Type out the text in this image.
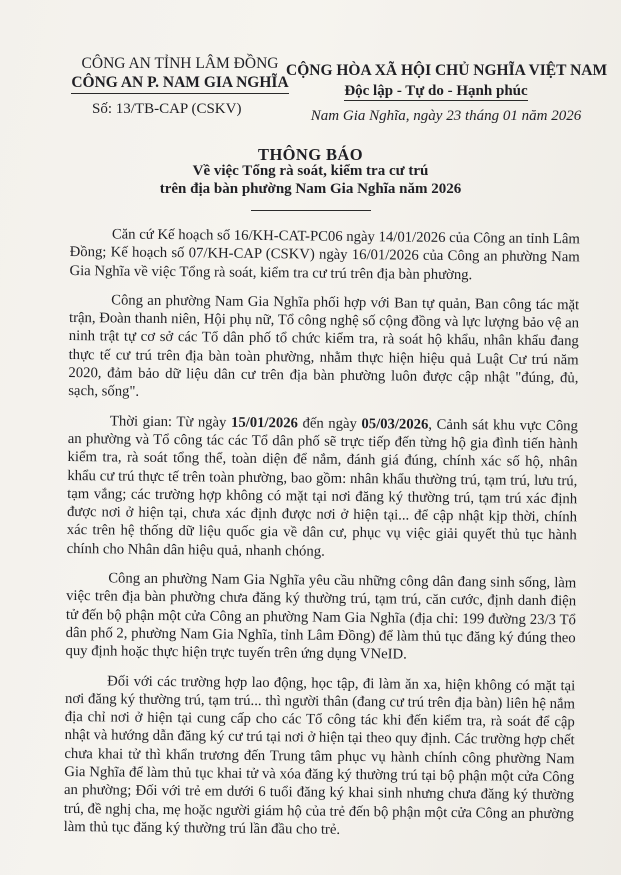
CÔNG AN TỈNH LÂM ĐỒNG
CÔNG AN P. NAM GIA NGHĨA
CỘNG HÒA XÃ HỘI CHỦ NGHĨA VIỆT NAM
Độc lập - Tự do - Hạnh phúc
Số: 13/TB-CAP (CSKV)	Nam Gia Nghĩa, ngày 23 tháng 01 năm 2026
THÔNG BÁO
Về việc Tổng rà soát, kiểm tra cư trú
trên địa bàn phường Nam Gia Nghĩa năm 2026

Căn cứ Kế hoạch số 16/KH-CAT-PC06 ngày 14/01/2026 của Công an tỉnh Lâm Đồng; Kế hoạch số 07/KH-CAP (CSKV) ngày 16/01/2026 của Công an phường Nam Gia Nghĩa về việc Tổng rà soát, kiểm tra cư trú trên địa bàn phường.

Công an phường Nam Gia Nghĩa phối hợp với Ban tự quản, Ban công tác mặt trận, Đoàn thanh niên, Hội phụ nữ, Tổ công nghệ số cộng đồng và lực lượng bảo vệ an ninh trật tự cơ sở các Tổ dân phố tổ chức kiểm tra, rà soát hộ khẩu, nhân khẩu đang thực tế cư trú trên địa bàn toàn phường, nhằm thực hiện hiệu quả Luật Cư trú năm 2020, đảm bảo dữ liệu dân cư trên địa bàn phường luôn được cập nhật "đúng, đủ, sạch, sống".

Thời gian: Từ ngày 15/01/2026 đến ngày 05/03/2026, Cảnh sát khu vực Công an phường và Tổ công tác các Tổ dân phố sẽ trực tiếp đến từng hộ gia đình tiến hành kiểm tra, rà soát tổng thể, toàn diện để nắm, đánh giá đúng, chính xác số hộ, nhân khẩu cư trú thực tế trên toàn phường, bao gồm: nhân khẩu thường trú, tạm trú, lưu trú, tạm vắng; các trường hợp không có mặt tại nơi đăng ký thường trú, tạm trú xác định được nơi ở hiện tại, chưa xác định được nơi ở hiện tại... để cập nhật kịp thời, chính xác trên hệ thống dữ liệu quốc gia về dân cư, phục vụ việc giải quyết thủ tục hành chính cho Nhân dân hiệu quả, nhanh chóng.

Công an phường Nam Gia Nghĩa yêu cầu những công dân đang sinh sống, làm việc trên địa bàn phường chưa đăng ký thường trú, tạm trú, căn cước, định danh điện tử đến bộ phận một cửa Công an phường Nam Gia Nghĩa (địa chỉ: 199 đường 23/3 Tổ dân phố 2, phường Nam Gia Nghĩa, tỉnh Lâm Đồng) để làm thủ tục đăng ký đúng theo quy định hoặc thực hiện trực tuyến trên ứng dụng VNeID.

Đối với các trường hợp lao động, học tập, đi làm ăn xa, hiện không có mặt tại nơi đăng ký thường trú, tạm trú... thì người thân (đang cư trú trên địa bàn) liên hệ nắm địa chỉ nơi ở hiện tại cung cấp cho các Tổ công tác khi đến kiểm tra, rà soát để cập nhật và hướng dẫn đăng ký cư trú tại nơi ở hiện tại theo quy định. Các trường hợp chết chưa khai tử thì khẩn trương đến Trung tâm phục vụ hành chính công phường Nam Gia Nghĩa để làm thủ tục khai tử và xóa đăng ký thường trú tại bộ phận một cửa Công an phường; Đối với trẻ em dưới 6 tuổi đăng ký khai sinh nhưng chưa đăng ký thường trú, đề nghị cha, mẹ hoặc người giám hộ của trẻ đến bộ phận một cửa Công an phường làm thủ tục đăng ký thường trú lần đầu cho trẻ.
